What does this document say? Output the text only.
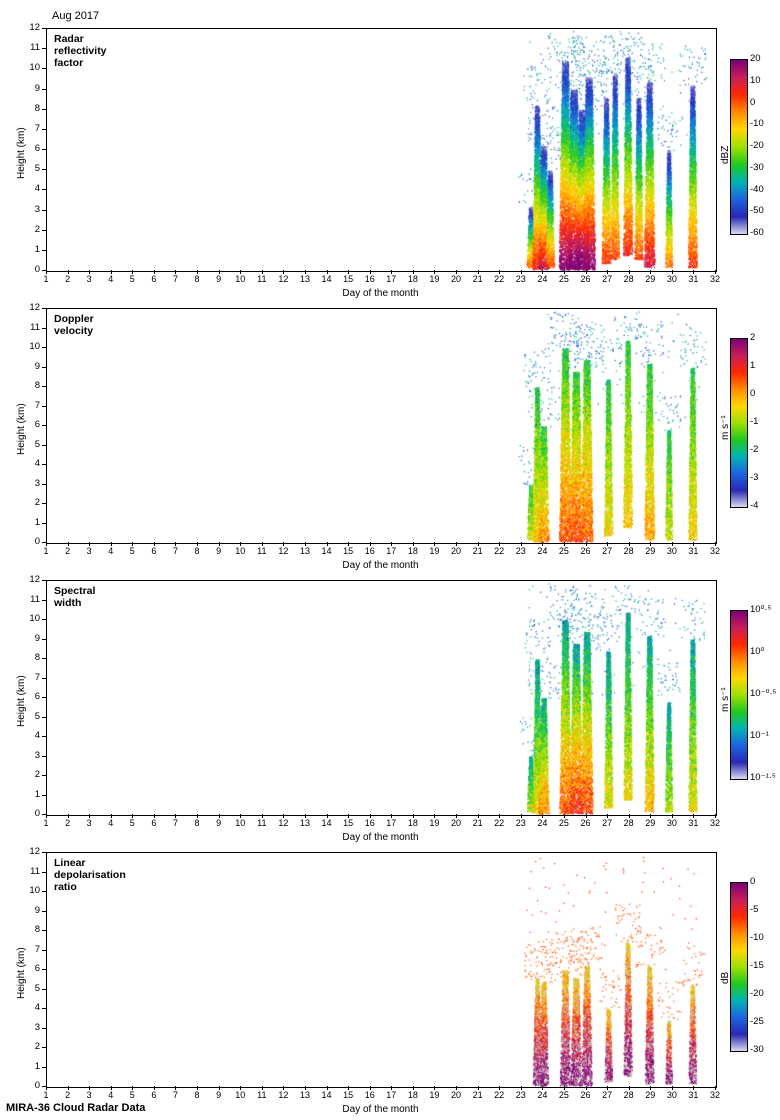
Aug 2017
MIRA-36 Cloud Radar Data
Radar reflectivity factor
0
1
2
3
4
5
6
7
8
9
10
11
12
Height (km)
1	2	3	4	5	6	7	8	9	10 11 12 13 14 15 16 17 18 19 20 21 22 23 24 25 26 27 28 29 30 31 32
Day of the month
20
10
0
-10
-20
-30
-40
-50
-60
dBZ
Doppler velocity
0
1
2
3
4
5
6
7
8
9
10
11
12
Height (km)
1	2	3	4	5	6	7	8	9	10 11 12 13 14 15 16 17 18 19 20 21 22 23 24 25 26 27 28 29 30 31 32
Day of the month
2
1
0
-1
-2
-3
-4
m s⁻¹
Spectral width
0
1
2
3
4
5
6
7
8
9
10
11
12
Height (km)
1	2	3	4	5	6	7	8	9	10 11 12 13 14 15 16 17 18 19 20 21 22 23 24 25 26 27 28 29 30 31 32
Day of the month
10⁰·⁵
10⁰
10⁻⁰·⁵
10⁻¹
10⁻¹·⁵
m s⁻¹
Linear depolarisation ratio
0
1
2
3
4
5
6
7
8
9
10
11
12
Height (km)
1	2	3	4	5	6	7	8	9	10 11 12 13 14 15 16 17 18 19 20 21 22 23 24 25 26 27 28 29 30 31 32
Day of the month
0
-5
-10
-15
-20
-25
-30
dB
